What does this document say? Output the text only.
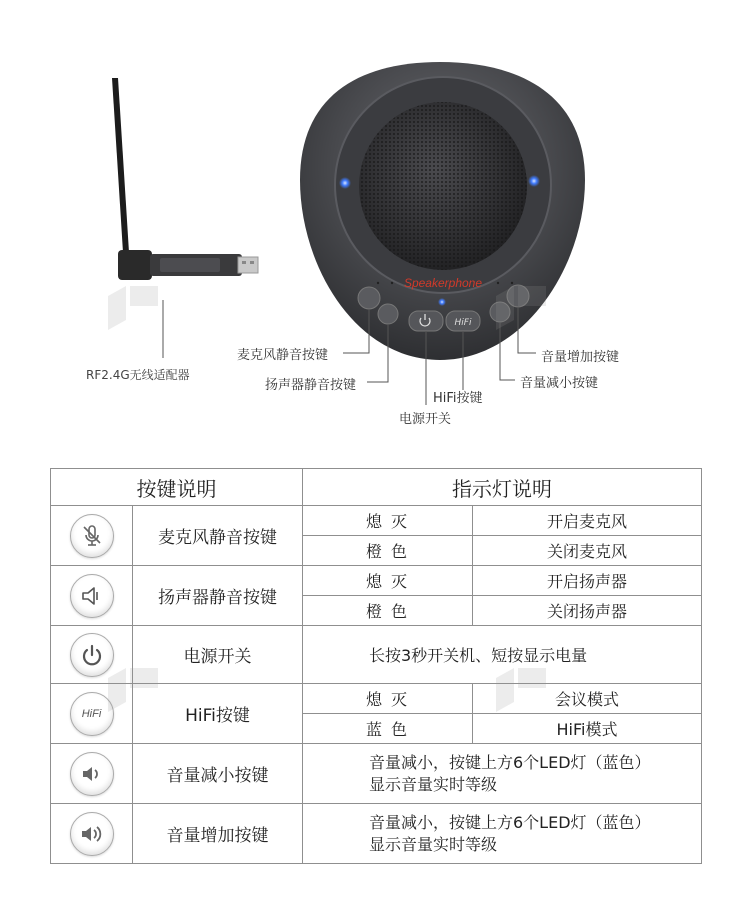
Speakerphone
HiFi
RF2.4G无线适配器
麦克风静音按键
扬声器静音按键
HiFi按键
电源开关
音量增加按键
音量减小按键
按键说明		指示灯说明	

	麦克风静音按键	熄 灭	开启麦克风
		橙 色	关闭麦克风

	扬声器静音按键	熄 灭	开启扬声器
		橙 色	关闭扬声器

	电源开关	长按3秒开关机、短按显示电量	

HiFi	HiFi按键	熄 灭	会议模式
		蓝 色	HiFi模式

	音量减小按键	音量减小，按键上方6个LED灯（蓝色）
显示音量实时等级	

	音量增加按键	音量减小，按键上方6个LED灯（蓝色）
显示音量实时等级	
